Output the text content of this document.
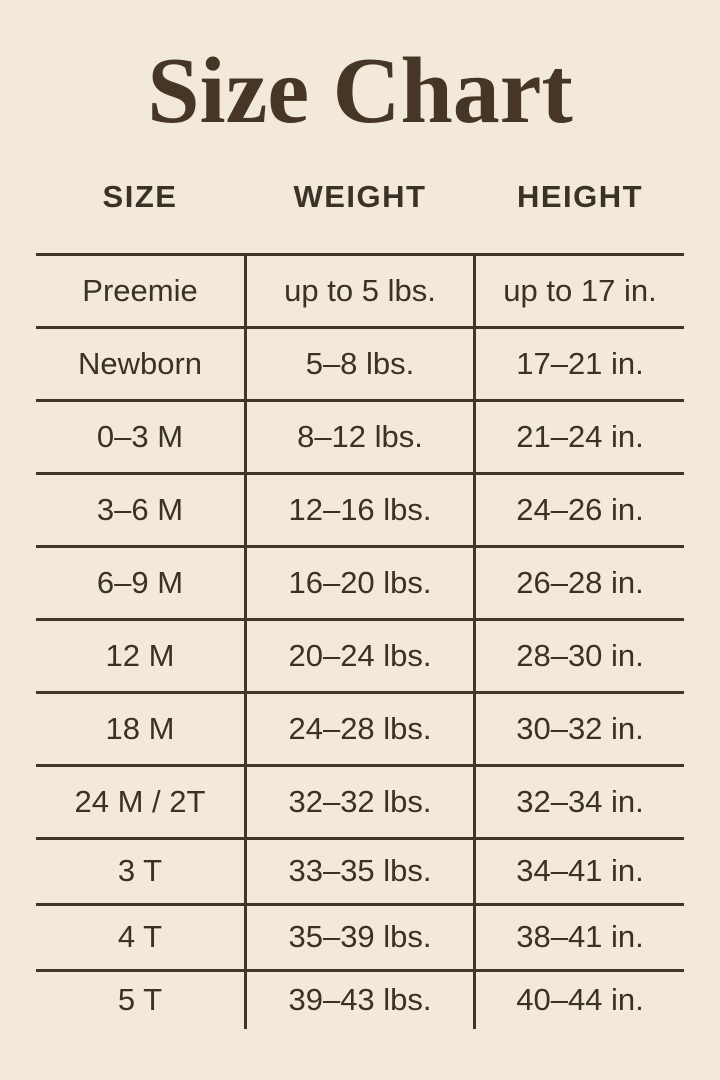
Size Chart
SIZE	WEIGHT	HEIGHT
Preemie	up to 5 lbs.	up to 17 in.
Newborn	5–8 lbs.	17–21 in.
0–3 M	8–12 lbs.	21–24 in.
3–6 M	12–16 lbs.	24–26 in.
6–9 M	16–20 lbs.	26–28 in.
12 M	20–24 lbs.	28–30 in.
18 M	24–28 lbs.	30–32 in.
24 M / 2T	32–32 lbs.	32–34 in.
3 T	33–35 lbs.	34–41 in.
4 T	35–39 lbs.	38–41 in.
5 T	39–43 lbs.	40–44 in.
